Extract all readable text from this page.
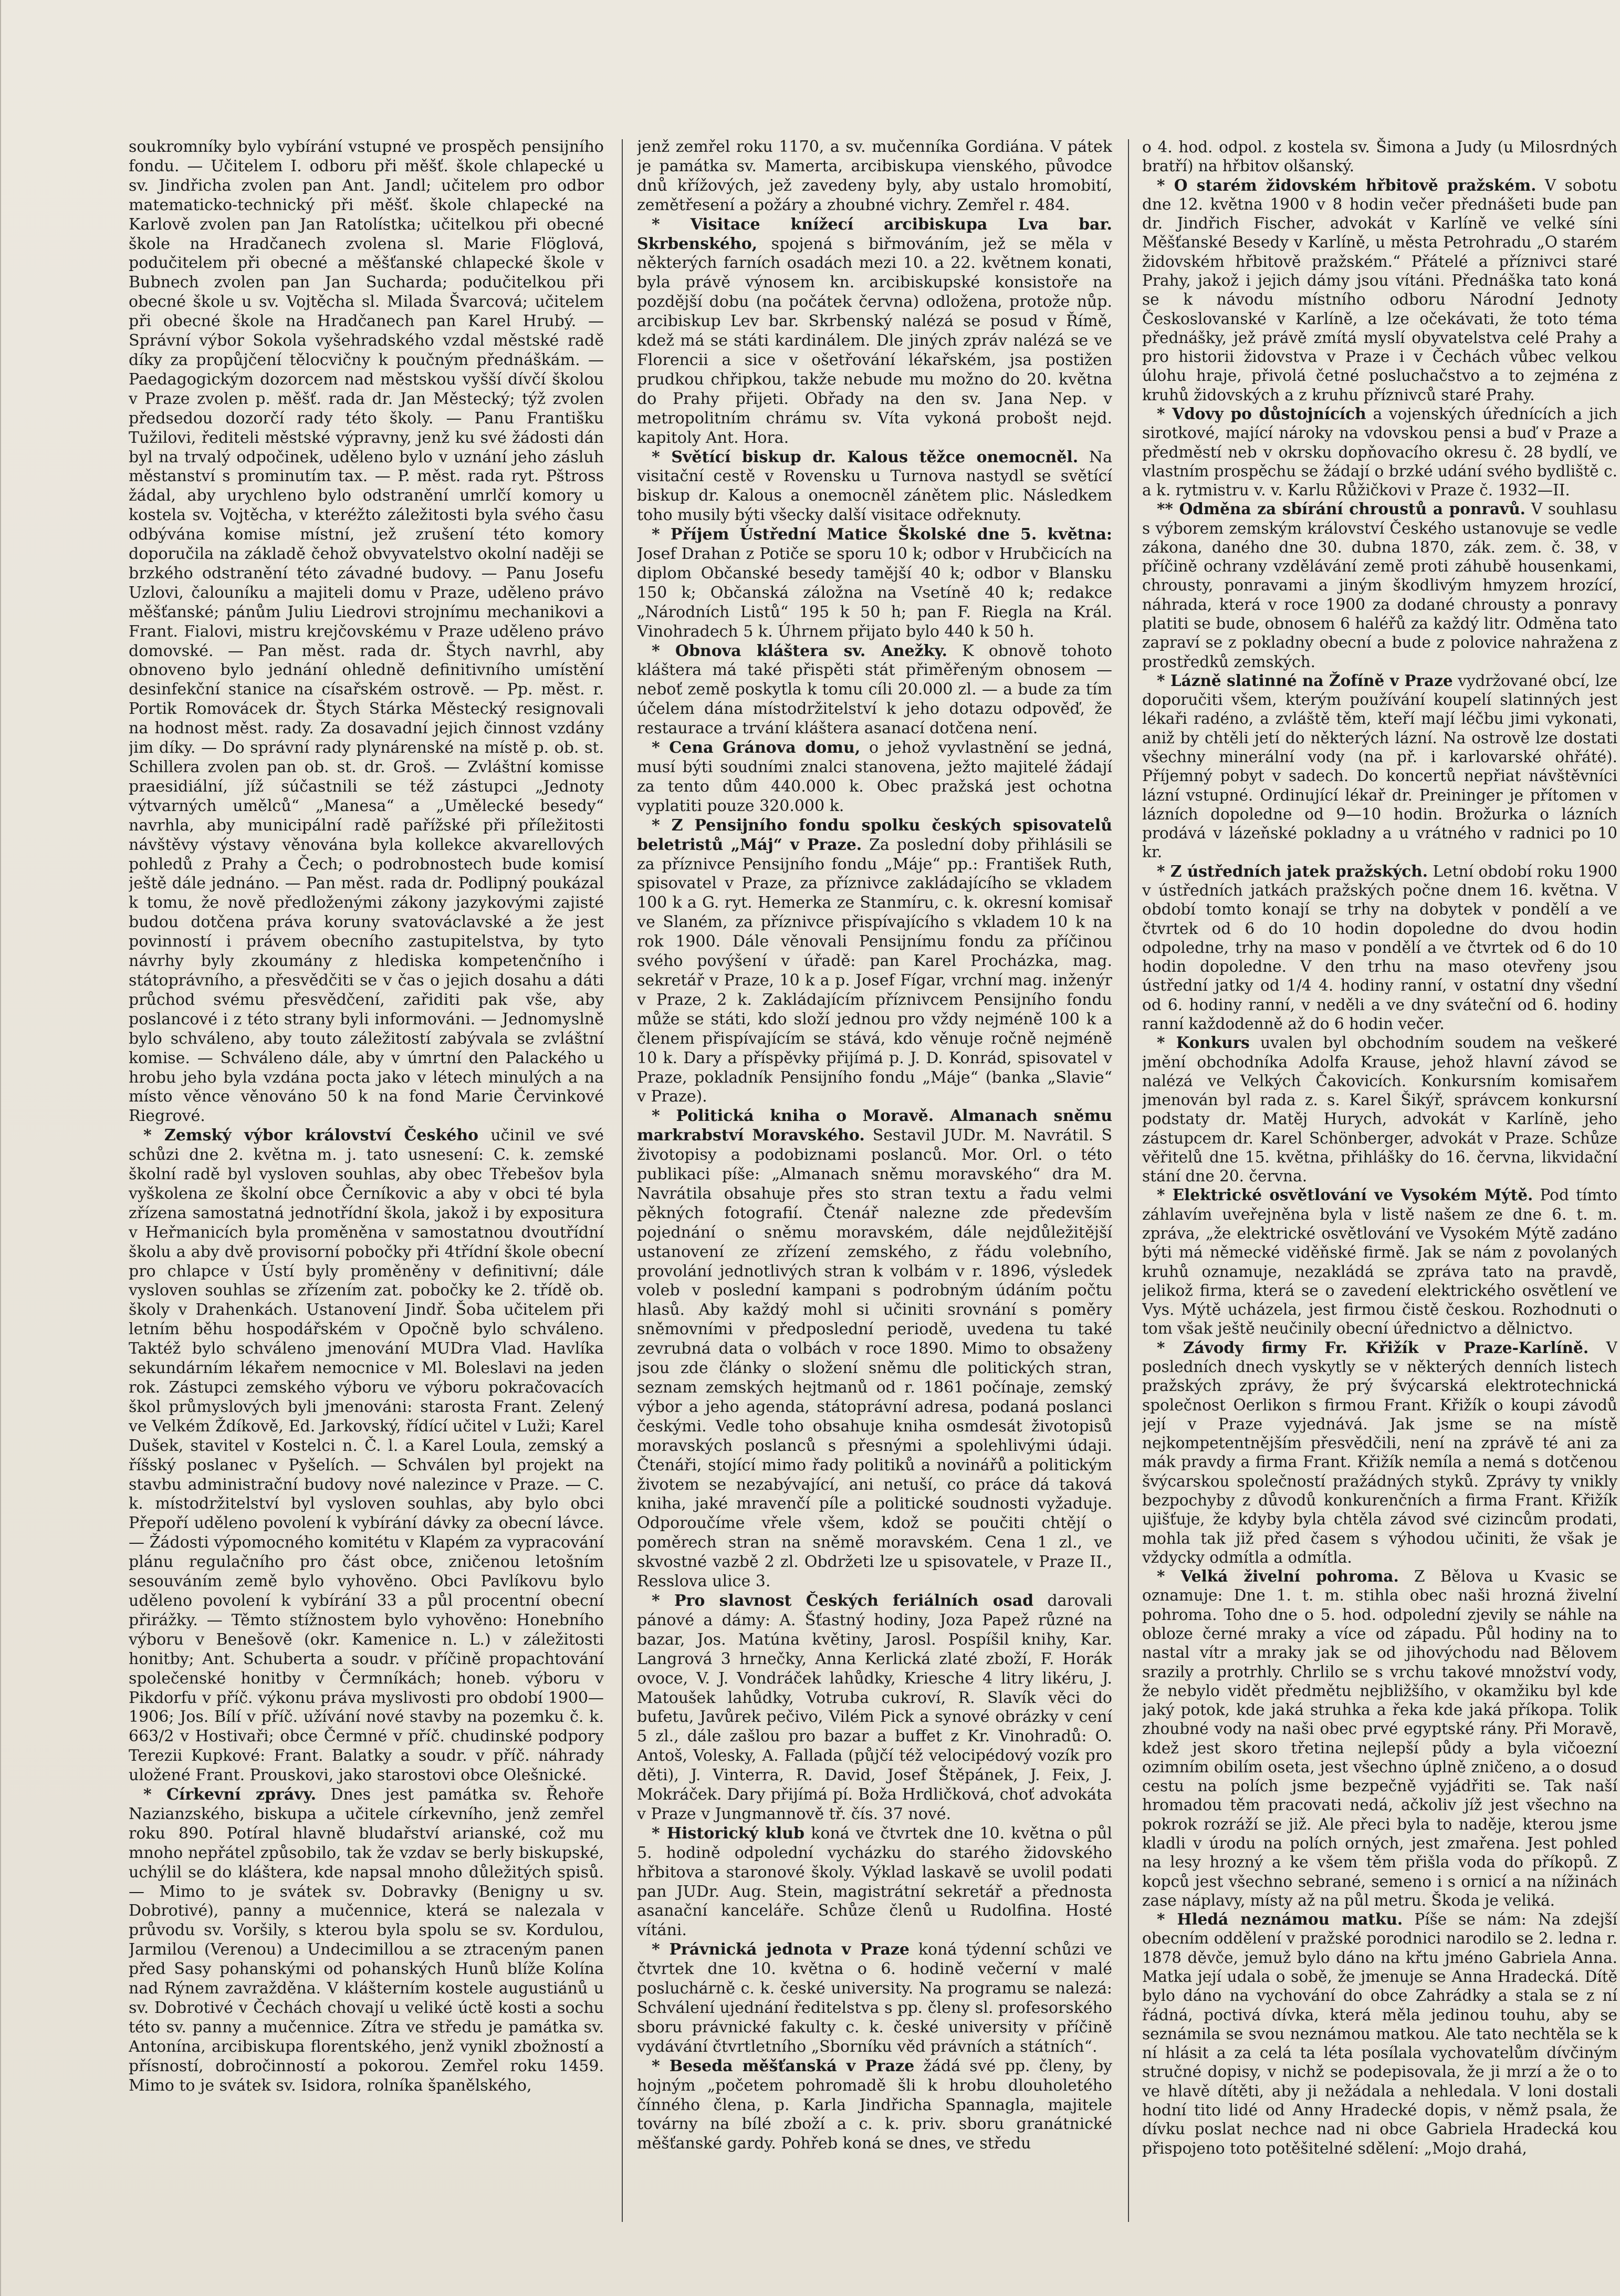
soukromníky bylo vybírání vstupné ve prospěch pensijního fondu. — Učitelem I. odboru při měšť. škole chlapecké u sv. Jindřicha zvolen pan Ant. Jandl; učitelem pro odbor matematicko-technický při měšť. škole chlapecké na Karlově zvolen pan Jan Ratolístka; učitelkou při obecné škole na Hradčanech zvolena sl. Marie Flöglová, podučitelem při obecné a měšťanské chlapecké škole v Bubnech zvolen pan Jan Sucharda; podučitelkou při obecné škole u sv. Vojtěcha sl. Milada Švarcová; učitelem při obecné škole na Hradčanech pan Karel Hrubý. — Správní výbor Sokola vyšehradského vzdal městské radě díky za propůjčení tělocvičny k poučným přednáškám. — Paedagogickým dozorcem nad městskou vyšší dívčí školou v Praze zvolen p. měšť. rada dr. Jan Městecký; týž zvolen předsedou dozorčí rady této školy. — Panu Františku Tužilovi, řediteli městské výpravny, jenž ku své žádosti dán byl na trvalý odpočinek, uděleno bylo v uznání jeho zásluh městanství s prominutím tax. — P. měst. rada ryt. Pštross žádal, aby urychleno bylo odstranění umrlčí komory u kostela sv. Vojtěcha, v kteréžto záležitosti byla svého času odbývána komise místní, jež zrušení této komory doporučila na základě čehož obvyvatelstvo okolní naději se brzkého odstranění této závadné budovy. — Panu Josefu Uzlovi, čalouníku a majiteli domu v Praze, uděleno právo měšťanské; pánům Juliu Liedrovi strojnímu mechanikovi a Frant. Fialovi, mistru krejčovskému v Praze uděleno právo domovské. — Pan měst. rada dr. Štych navrhl, aby obnoveno bylo jednání ohledně definitivního umístění desinfekční stanice na císařském ostrově. — Pp. měst. r. Portik Romovácek dr. Štych Stárka Městecký resignovali na hodnost měst. rady. Za dosavadní jejich činnost vzdány jim díky. — Do správní rady plynárenské na místě p. ob. st. Schillera zvolen pan ob. st. dr. Groš. — Zvláštní komisse praesidiální, jíž súčastnili se též zástupci „Jednoty výtvarných umělců“ „Manesa“ a „Umělecké besedy“ navrhla, aby municipální radě pařížské při příležitosti návštěvy výstavy věnována byla kollekce akvarellových pohledů z Prahy a Čech; o podrobnostech bude komisí ještě dále jednáno. — Pan měst. rada dr. Podlipný poukázal k tomu, že nově předloženými zákony jazykovými zajisté budou dotčena práva koruny svatováclavské a že jest povinností i právem obecního zastupitelstva, by tyto návrhy byly zkoumány z hlediska kompetenčního i státoprávního, a přesvědčiti se v čas o jejich dosahu a dáti průchod svému přesvědčení, zařiditi pak vše, aby poslancové i z této strany byli informováni. — Jednomyslně bylo schváleno, aby touto záležitostí zabývala se zvláštní komise. — Schváleno dále, aby v úmrtní den Palackého u hrobu jeho byla vzdána pocta jako v létech minulých a na místo věnce věnováno 50 k na fond Marie Červinkové Riegrové.

* Zemský výbor království Českého učinil ve své schůzi dne 2. května m. j. tato usnesení: C. k. zemské školní radě byl vysloven souhlas, aby obec Třebešov byla vyškolena ze školní obce Černíkovic a aby v obci té byla zřízena samostatná jednotřídní škola, jakož i by expositura v Heřmanicích byla proměněna v samostatnou dvoutřídní školu a aby dvě provisorní pobočky při 4třídní škole obecní pro chlapce v Ústí byly proměněny v definitivní; dále vysloven souhlas se zřízením zat. pobočky ke 2. třídě ob. školy v Drahenkách. Ustanovení Jindř. Šoba učitelem při letním běhu hospodářském v Opočně bylo schváleno. Taktéž bylo schváleno jmenování MUDra Vlad. Havlíka sekundárním lékařem nemocnice v Ml. Boleslavi na jeden rok. Zástupci zemského výboru ve výboru pokračovacích škol průmyslových byli jmenováni: starosta Frant. Zelený ve Velkém Ždíkově, Ed. Jarkovský, řídící učitel v Luži; Karel Dušek, stavitel v Kostelci n. Č. l. a Karel Loula, zemský a říšský poslanec v Pyšelích. — Schválen byl projekt na stavbu administrační budovy nové nalezince v Praze. — C. k. místodržitelství byl vysloven souhlas, aby bylo obci Přepoří uděleno povolení k vybírání dávky za obecní lávce. — Žádosti výpomocného komitétu v Klapém za vypracování plánu regulačního pro část obce, zničenou letošním sesouváním země bylo vyhověno. Obci Pavlíkovu bylo uděleno povolení k vybírání 33 a půl procentní obecní přirážky. — Těmto stížnostem bylo vyhověno: Honebního výboru v Benešově (okr. Kamenice n. L.) v záležitosti honitby; Ant. Schuberta a soudr. v příčině propachtování společenské honitby v Čermníkách; honeb. výboru v Pikdorfu v příč. výkonu práva myslivosti pro období 1900—1906; Jos. Bílí v příč. užívání nové stavby na pozemku č. k. 663/2 v Hostivaři; obce Čermné v příč. chudinské podpory Terezii Kupkové: Frant. Balatky a soudr. v příč. náhrady uložené Frant. Prouskovi, jako starostovi obce Olešnické.

* Církevní zprávy. Dnes jest památka sv. Řehoře Nazianzského, biskupa a učitele církevního, jenž zemřel roku 890. Potíral hlavně bludařství arianské, což mu mnoho nepřátel způsobilo, tak že vzdav se berly biskupské, uchýlil se do kláštera, kde napsal mnoho důležitých spisů. — Mimo to je svátek sv. Dobravky (Benigny u sv. Dobrotivé), panny a mučennice, která se nalezala v průvodu sv. Voršily, s kterou byla spolu se sv. Kordulou, Jarmilou (Verenou) a Undecimillou a se ztraceným panen před Sasy pohanskými od pohanských Hunů blíže Kolína nad Rýnem zavražděna. V klášterním kostele augustiánů u sv. Dobrotivé v Čechách chovají u veliké úctě kosti a sochu této sv. panny a mučennice. Zítra ve středu je památka sv. Antonína, arcibiskupa florentského, jenž vynikl zbožností a přísností, dobročinností a pokorou. Zemřel roku 1459. Mimo to je svátek sv. Isidora, rolníka španělského,

jenž zemřel roku 1170, a sv. mučenníka Gordiána. V pátek je památka sv. Mamerta, arcibiskupa vienského, původce dnů křížových, jež zavedeny byly, aby ustalo hromobití, zemětřesení a požáry a zhoubné vichry. Zemřel r. 484.

* Visitace knížecí arcibiskupa Lva bar. Skrbenského, spojená s biřmováním, jež se měla v některých farních osadách mezi 10. a 22. květnem konati, byla právě výnosem kn. arcibiskupské konsistoře na pozdější dobu (na počátek června) odložena, protože nůp. arcibiskup Lev bar. Skrbenský nalézá se posud v Římě, kdež má se státi kardinálem. Dle jiných zpráv nalézá se ve Florencii a sice v ošetřování lékařském, jsa postižen prudkou chřipkou, takže nebude mu možno do 20. května do Prahy přijeti. Obřady na den sv. Jana Nep. v metropolitním chrámu sv. Víta vykoná probošt nejd. kapitoly Ant. Hora.

* Světící biskup dr. Kalous těžce onemocněl. Na visitační cestě v Rovensku u Turnova nastydl se světící biskup dr. Kalous a onemocněl zánětem plic. Následkem toho musily býti všecky další visitace odřeknuty.

* Příjem Ústřední Matice Školské dne 5. května: Josef Drahan z Potiče se sporu 10 k; odbor v Hrubčicích na diplom Občanské besedy tamější 40 k; odbor v Blansku 150 k; Občanská záložna na Vsetíně 40 k; redakce „Národních Listů“ 195 k 50 h; pan F. Riegla na Král. Vinohradech 5 k. Úhrnem přijato bylo 440 k 50 h.

* Obnova kláštera sv. Anežky. K obnově tohoto kláštera má také přispěti stát přiměřeným obnosem — neboť země poskytla k tomu cíli 20.000 zl. — a bude za tím účelem dána místodržitelství k jeho dotazu odpověď, že restaurace a trvání kláštera asanací dotčena není.

* Cena Gránova domu, o jehož vyvlastnění se jedná, musí býti soudními znalci stanovena, ježto majitelé žádají za tento dům 440.000 k. Obec pražská jest ochotna vyplatiti pouze 320.000 k.

* Z Pensijního fondu spolku českých spisovatelů beletristů „Máj“ v Praze. Za poslední doby přihlásili se za příznivce Pensijního fondu „Máje“ pp.: František Ruth, spisovatel v Praze, za příznivce zakládajícího se vkladem 100 k a G. ryt. Hemerka ze Stanmíru, c. k. okresní komisař ve Slaném, za příznivce přispívajícího s vkladem 10 k na rok 1900. Dále věnovali Pensijnímu fondu za příčinou svého povýšení v úřadě: pan Karel Procházka, mag. sekretář v Praze, 10 k a p. Josef Fígar, vrchní mag. inženýr v Praze, 2 k. Zakládajícím příznivcem Pensijního fondu může se státi, kdo složí jednou pro vždy nejméně 100 k a členem přispívajícím se stává, kdo věnuje ročně nejméně 10 k. Dary a příspěvky přijímá p. J. D. Konrád, spisovatel v Praze, pokladník Pensijního fondu „Máje“ (banka „Slavie“ v Praze).

* Politická kniha o Moravě. Almanach sněmu markrabství Moravského. Sestavil JUDr. M. Navrátil. S životopisy a podobiznami poslanců. Mor. Orl. o této publikaci píše: „Almanach sněmu moravského“ dra M. Navrátila obsahuje přes sto stran textu a řadu velmi pěkných fotografií. Čtenář nalezne zde především pojednání o sněmu moravském, dále nejdůležitější ustanovení ze zřízení zemského, z řádu volebního, provolání jednotlivých stran k volbám v r. 1896, výsledek voleb v poslední kampani s podrobným údáním počtu hlasů. Aby každý mohl si učiniti srovnání s poměry sněmovními v předposlední periodě, uvedena tu také zevrubná data o volbách v roce 1890. Mimo to obsaženy jsou zde články o složení sněmu dle politických stran, seznam zemských hejtmanů od r. 1861 počínaje, zemský výbor a jeho agenda, státoprávní adresa, podaná poslanci českými. Vedle toho obsahuje kniha osmdesát životopisů moravských poslanců s přesnými a spolehlivými údaji. Čtenáři, stojící mimo řady politiků a novinářů a politickým životem se nezabývající, ani netuší, co práce dá taková kniha, jaké mravenčí píle a politické soudnosti vyžaduje. Odporoučíme vřele všem, kdož se poučiti chtějí o poměrech stran na sněmě moravském. Cena 1 zl., ve skvostné vazbě 2 zl. Obdržeti lze u spisovatele, v Praze II., Resslova ulice 3.

* Pro slavnost Českých feriálních osad darovali pánové a dámy: A. Šťastný hodiny, Joza Papež různé na bazar, Jos. Matúna květiny, Jarosl. Pospíšil knihy, Kar. Langrová 3 hrnečky, Anna Kerlická zlaté zboží, F. Horák ovoce, V. J. Vondráček lahůdky, Kriesche 4 litry likéru, J. Matoušek lahůdky, Votruba cukroví, R. Slavík věci do bufetu, Javůrek pečivo, Vilém Pick a synové obrázky v cení 5 zl., dále zašlou pro bazar a buffet z Kr. Vinohradů: O. Antoš, Volesky, A. Fallada (půjčí též velocipédový vozík pro děti), J. Vinterra, R. David, Josef Štěpánek, J. Feix, J. Mokráček. Dary přijímá pí. Boža Hrdličková, choť advokáta v Praze v Jungmannově tř. čís. 37 nové.

* Historický klub koná ve čtvrtek dne 10. května o půl 5. hodině odpolední vycházku do starého židovského hřbitova a staronové školy. Výklad laskavě se uvolil podati pan JUDr. Aug. Stein, magistrátní sekretář a přednosta asanační kanceláře. Schůze členů u Rudolfina. Hosté vítáni.

* Právnická jednota v Praze koná týdenní schůzi ve čtvrtek dne 10. května o 6. hodině večerní v malé posluchárně c. k. české university. Na programu se nalezá: Schválení ujednání ředitelstva s pp. členy sl. profesorského sboru právnické fakulty c. k. české university v příčině vydávání čtvrtletního „Sborníku věd právních a státních“.

* Beseda měšťanská v Praze žádá své pp. členy, by hojným „početem pohromadě šli k hrobu dlouholetého čínného člena, p. Karla Jindřicha Spannagla, majitele továrny na bílé zboží a c. k. priv. sboru granátnické měšťanské gardy. Pohřeb koná se dnes, ve středu

o 4. hod. odpol. z kostela sv. Šimona a Judy (u Milosrdných bratří) na hřbitov olšanský.

* O starém židovském hřbitově pražském. V sobotu dne 12. května 1900 v 8 hodin večer přednášeti bude pan dr. Jindřich Fischer, advokát v Karlíně ve velké síni Měšťanské Besedy v Karlíně, u města Petrohradu „O starém židovském hřbitově pražském.“ Přátelé a příznivci staré Prahy, jakož i jejich dámy jsou vítáni. Přednáška tato koná se k návodu místního odboru Národní Jednoty Českoslovanské v Karlíně, a lze očekávati, že toto téma přednášky, jež právě zmítá myslí obyvatelstva celé Prahy a pro historii židovstva v Praze i v Čechách vůbec velkou úlohu hraje, přivolá četné posluchačstvo a to zejména z kruhů židovských a z kruhu příznivců staré Prahy.

* Vdovy po důstojnících a vojenských úřednících a jich sirotkové, mající nároky na vdovskou pensi a buď v Praze a předměstí neb v okrsku dopňovacího okresu č. 28 bydlí, ve vlastním prospěchu se žádají o brzké udání svého bydliště c. a k. rytmistru v. v. Karlu Růžičkovi v Praze č. 1932—II.

** Odměna za sbírání chroustů a ponravů. V souhlasu s výborem zemským království Českého ustanovuje se vedle zákona, daného dne 30. dubna 1870, zák. zem. č. 38, v příčině ochrany vzdělávání země proti záhubě housenkami, chrousty, ponravami a jiným škodlivým hmyzem hrozící, náhrada, která v roce 1900 za dodané chrousty a ponravy platiti se bude, obnosem 6 haléřů za každý litr. Odměna tato zapraví se z pokladny obecní a bude z polovice nahražena z prostředků zemských.

* Lázně slatinné na Žofíně v Praze vydržované obcí, lze doporučiti všem, kterým používání koupelí slatinných jest lékaři radéno, a zvláště těm, kteří mají léčbu jimi vykonati, aniž by chtěli jetí do některých lázní. Na ostrově lze dostati všechny minerální vody (na př. i karlovarské ohřáté). Příjemný pobyt v sadech. Do koncertů nepřiat návštěvníci lázní vstupné. Ordinující lékař dr. Preininger je přítomen v lázních dopoledne od 9—10 hodin. Brožurka o lázních prodává v lázeňské pokladny a u vrátného v radnici po 10 kr.

* Z ústředních jatek pražských. Letní období roku 1900 v ústředních jatkách pražských počne dnem 16. května. V období tomto konají se trhy na dobytek v pondělí a ve čtvrtek od 6 do 10 hodin dopoledne do dvou hodin odpoledne, trhy na maso v pondělí a ve čtvrtek od 6 do 10 hodin dopoledne. V den trhu na maso otevřeny jsou ústřední jatky od 1/4 4. hodiny ranní, v ostatní dny všední od 6. hodiny ranní, v neděli a ve dny sváteční od 6. hodiny ranní každodenně až do 6 hodin večer.

* Konkurs uvalen byl obchodním soudem na veškeré jmění obchodníka Adolfa Krause, jehož hlavní závod se nalézá ve Velkých Čakovicích. Konkursním komisařem jmenován byl rada z. s. Karel Šikýř, správcem konkursní podstaty dr. Matěj Hurych, advokát v Karlíně, jeho zástupcem dr. Karel Schönberger, advokát v Praze. Schůze věřitelů dne 15. května, přihlášky do 16. června, likvidační stání dne 20. června.

* Elektrické osvětlování ve Vysokém Mýtě. Pod tímto záhlavím uveřejněna byla v listě našem ze dne 6. t. m. zpráva, „že elektrické osvětlování ve Vysokém Mýtě zadáno býti má německé viděňské firmě. Jak se nám z povolaných kruhů oznamuje, nezakládá se zpráva tato na pravdě, jelikož firma, která se o zavedení elektrického osvětlení ve Vys. Mýtě ucházela, jest firmou čistě českou. Rozhodnuti o tom však ještě neučinily obecní úřednictvo a dělnictvo.

* Závody firmy Fr. Křižík v Praze-Karlíně. V posledních dnech vyskytly se v některých denních listech pražských zprávy, že prý švýcarská elektrotechnická společnost Oerlikon s firmou Frant. Křižík o koupi závodů její v Praze vyjednává. Jak jsme se na místě nejkompetentnějším přesvědčili, není na zprávě té ani za mák pravdy a firma Frant. Křižík nemíla a nemá s dotčenou švýcarskou společností pražádných styků. Zprávy ty vnikly bezpochyby z důvodů konkurenčních a firma Frant. Křižík ujišťuje, že kdyby byla chtěla závod své cizincům prodati, mohla tak již před časem s výhodou učiniti, že však je vždycky odmítla a odmítla.

* Velká živelní pohroma. Z Bělova u Kvasic se oznamuje: Dne 1. t. m. stihla obec naši hrozná živelní pohroma. Toho dne o 5. hod. odpolední zjevily se náhle na obloze černé mraky a více od západu. Půl hodiny na to nastal vítr a mraky jak se od jihovýchodu nad Bělovem srazily a protrhly. Chrlilo se s vrchu takové množství vody, že nebylo vidět předmětu nejbližšího, v okamžiku byl kde jaký potok, kde jaká struhka a řeka kde jaká příkopa. Tolik zhoubné vody na naši obec prvé egyptské rány. Při Moravě, kdež jest skoro třetina nejlepší půdy a byla vičoezní ozimním obilím oseta, jest všechno úplně zničeno, a o dosud cestu na polích jsme bezpečně vyjádřiti se. Tak naší hromadou těm pracovati nedá, ačkoliv jíž jest všechno na pokrok rozráží se již. Ale přeci byla to naděje, kterou jsme kladli v úrodu na polích orných, jest zmařena. Jest pohled na lesy hrozný a ke všem těm přišla voda do příkopů. Z kopců jest všechno sebrané, semeno i s ornicí a na nížinách zase náplavy, místy až na půl metru. Škoda je veliká.

* Hledá neznámou matku. Píše se nám: Na zdejší obecním oddělení v pražské porodnici narodilo se 2. ledna r. 1878 děvče, jemuž bylo dáno na křtu jméno Gabriela Anna. Matka její udala o sobě, že jmenuje se Anna Hradecká. Dítě bylo dáno na vychování do obce Zahrádky a stala se z ní řádná, poctivá dívka, která měla jedinou touhu, aby se seznámila se svou neznámou matkou. Ale tato nechtěla se k ní hlásit a za celá ta léta posílala vychovatelům dívčiným stručné dopisy, v nichž se podepisovala, že ji mrzí a že o to ve hlavě dítěti, aby ji nežádala a nehledala. V loni dostali hodní tito lidé od Anny Hradecké dopis, v němž psala, že dívku poslat nechce nad ni obce Gabriela Hradecká kou přispojeno toto potěšitelné sdělení: „Mojo drahá,
